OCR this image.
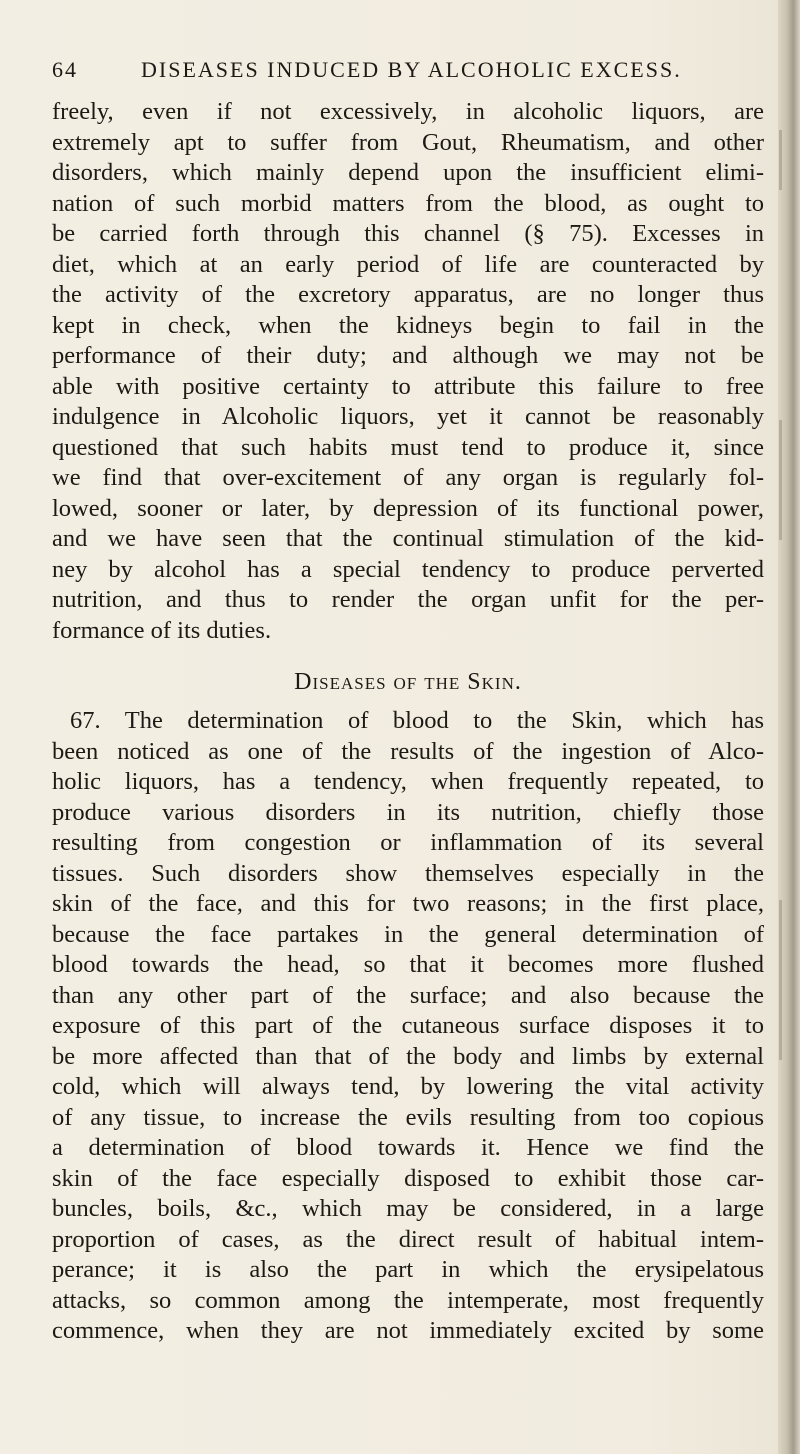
64	DISEASES INDUCED BY ALCOHOLIC EXCESS.
freely, even if not excessively, in alcoholic liquors, are
extremely apt to suffer from Gout, Rheumatism, and other
disorders, which mainly depend upon the insufficient elimi-
nation of such morbid matters from the blood, as ought to
be carried forth through this channel (§ 75). Excesses in
diet, which at an early period of life are counteracted by
the activity of the excretory apparatus, are no longer thus
kept in check, when the kidneys begin to fail in the
performance of their duty; and although we may not be
able with positive certainty to attribute this failure to free
indulgence in Alcoholic liquors, yet it cannot be reasonably
questioned that such habits must tend to produce it, since
we find that over-excitement of any organ is regularly fol-
lowed, sooner or later, by depression of its functional power,
and we have seen that the continual stimulation of the kid-
ney by alcohol has a special tendency to produce perverted
nutrition, and thus to render the organ unfit for the per-
formance of its duties.
Diseases of the Skin.
67. The determination of blood to the Skin, which has
been noticed as one of the results of the ingestion of Alco-
holic liquors, has a tendency, when frequently repeated, to
produce various disorders in its nutrition, chiefly those
resulting from congestion or inflammation of its several
tissues. Such disorders show themselves especially in the
skin of the face, and this for two reasons; in the first place,
because the face partakes in the general determination of
blood towards the head, so that it becomes more flushed
than any other part of the surface; and also because the
exposure of this part of the cutaneous surface disposes it to
be more affected than that of the body and limbs by external
cold, which will always tend, by lowering the vital activity
of any tissue, to increase the evils resulting from too copious
a determination of blood towards it. Hence we find the
skin of the face especially disposed to exhibit those car-
buncles, boils, &c., which may be considered, in a large
proportion of cases, as the direct result of habitual intem-
perance; it is also the part in which the erysipelatous
attacks, so common among the intemperate, most frequently
commence, when they are not immediately excited by some
